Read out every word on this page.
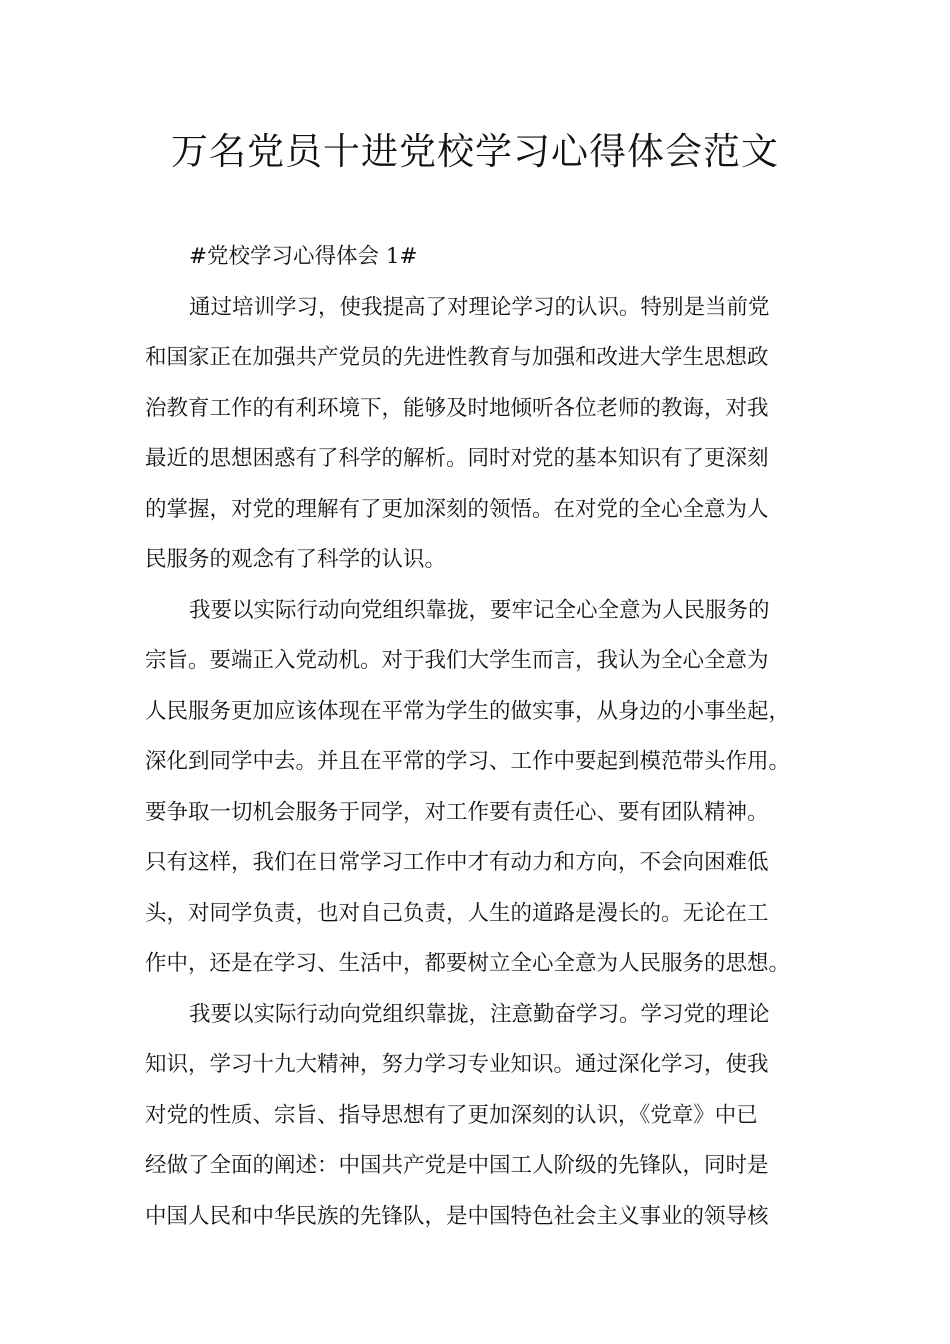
万名党员十进党校学习心得体会范文
#党校学习心得体会 1#
通过培训学习，使我提高了对理论学习的认识。特别是当前党
和国家正在加强共产党员的先进性教育与加强和改进大学生思想政
治教育工作的有利环境下，能够及时地倾听各位老师的教诲，对我
最近的思想困惑有了科学的解析。同时对党的基本知识有了更深刻
的掌握，对党的理解有了更加深刻的领悟。在对党的全心全意为人
民服务的观念有了科学的认识。
我要以实际行动向党组织靠拢，要牢记全心全意为人民服务的
宗旨。要端正入党动机。对于我们大学生而言，我认为全心全意为
人民服务更加应该体现在平常为学生的做实事，从身边的小事坐起，
深化到同学中去。并且在平常的学习、工作中要起到模范带头作用。
要争取一切机会服务于同学，对工作要有责任心、要有团队精神。
只有这样，我们在日常学习工作中才有动力和方向，不会向困难低
头，对同学负责，也对自己负责，人生的道路是漫长的。无论在工
作中，还是在学习、生活中，都要树立全心全意为人民服务的思想。
我要以实际行动向党组织靠拢，注意勤奋学习。学习党的理论
知识，学习十九大精神，努力学习专业知识。通过深化学习，使我
对党的性质、宗旨、指导思想有了更加深刻的认识，《党章》中已
经做了全面的阐述：中国共产党是中国工人阶级的先锋队，同时是
中国人民和中华民族的先锋队，是中国特色社会主义事业的领导核
